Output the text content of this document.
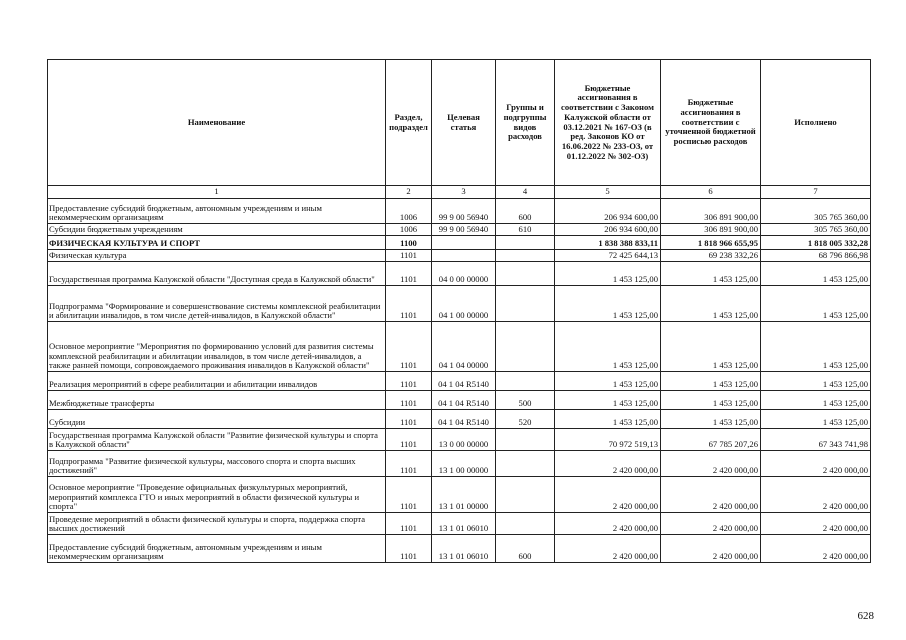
Наименование	Раздел, подраздел	Целевая статья	Группы и подгруппы видов расходов	Бюджетные ассигнования в соответствии с Законом Калужской области от 03.12.2021 № 167-ОЗ (в ред. Законов КО от 16.06.2022 № 233-ОЗ, от 01.12.2022 № 302-ОЗ)	Бюджетные ассигнования в соответствии с уточненной бюджетной росписью расходов	Исполнено
1	2	3	4	5	6	7
Предоставление субсидий бюджетным, автономным учреждениям и иным некоммерческим организациям	1006	99 9 00 56940	600	206 934 600,00	306 891 900,00	305 765 360,00
Субсидии бюджетным учреждениям	1006	99 9 00 56940	610	206 934 600,00	306 891 900,00	305 765 360,00
ФИЗИЧЕСКАЯ КУЛЬТУРА И СПОРТ	1100			1 838 388 833,11	1 818 966 655,95	1 818 005 332,28
Физическая культура	1101			72 425 644,13	69 238 332,26	68 796 866,98
Государственная программа Калужской области "Доступная среда в Калужской области"	1101	04 0 00 00000		1 453 125,00	1 453 125,00	1 453 125,00
Подпрограмма "Формирование и совершенствование системы комплексной реабилитации и абилитации инвалидов, в том числе детей-инвалидов, в Калужской области"	1101	04 1 00 00000		1 453 125,00	1 453 125,00	1 453 125,00
Основное мероприятие "Мероприятия по формированию условий для развития системы комплексной реабилитации и абилитации инвалидов, в том числе детей-инвалидов, а также ранней помощи, сопровождаемого проживания инвалидов в Калужской области"	1101	04 1 04 00000		1 453 125,00	1 453 125,00	1 453 125,00
Реализация мероприятий в сфере реабилитации и абилитации инвалидов	1101	04 1 04 R5140		1 453 125,00	1 453 125,00	1 453 125,00
Межбюджетные трансферты	1101	04 1 04 R5140	500	1 453 125,00	1 453 125,00	1 453 125,00
Субсидии	1101	04 1 04 R5140	520	1 453 125,00	1 453 125,00	1 453 125,00
Государственная программа Калужской области "Развитие физической культуры и спорта в Калужской области"	1101	13 0 00 00000		70 972 519,13	67 785 207,26	67 343 741,98
Подпрограмма "Развитие физической культуры, массового спорта и спорта высших достижений"	1101	13 1 00 00000		2 420 000,00	2 420 000,00	2 420 000,00
Основное мероприятие "Проведение официальных физкультурных мероприятий, мероприятий комплекса ГТО и иных мероприятий в области физической культуры и спорта"	1101	13 1 01 00000		2 420 000,00	2 420 000,00	2 420 000,00
Проведение мероприятий в области физической культуры и спорта, поддержка спорта высших достижений	1101	13 1 01 06010		2 420 000,00	2 420 000,00	2 420 000,00
Предоставление субсидий бюджетным, автономным учреждениям и иным некоммерческим организациям	1101	13 1 01 06010	600	2 420 000,00	2 420 000,00	2 420 000,00
628
